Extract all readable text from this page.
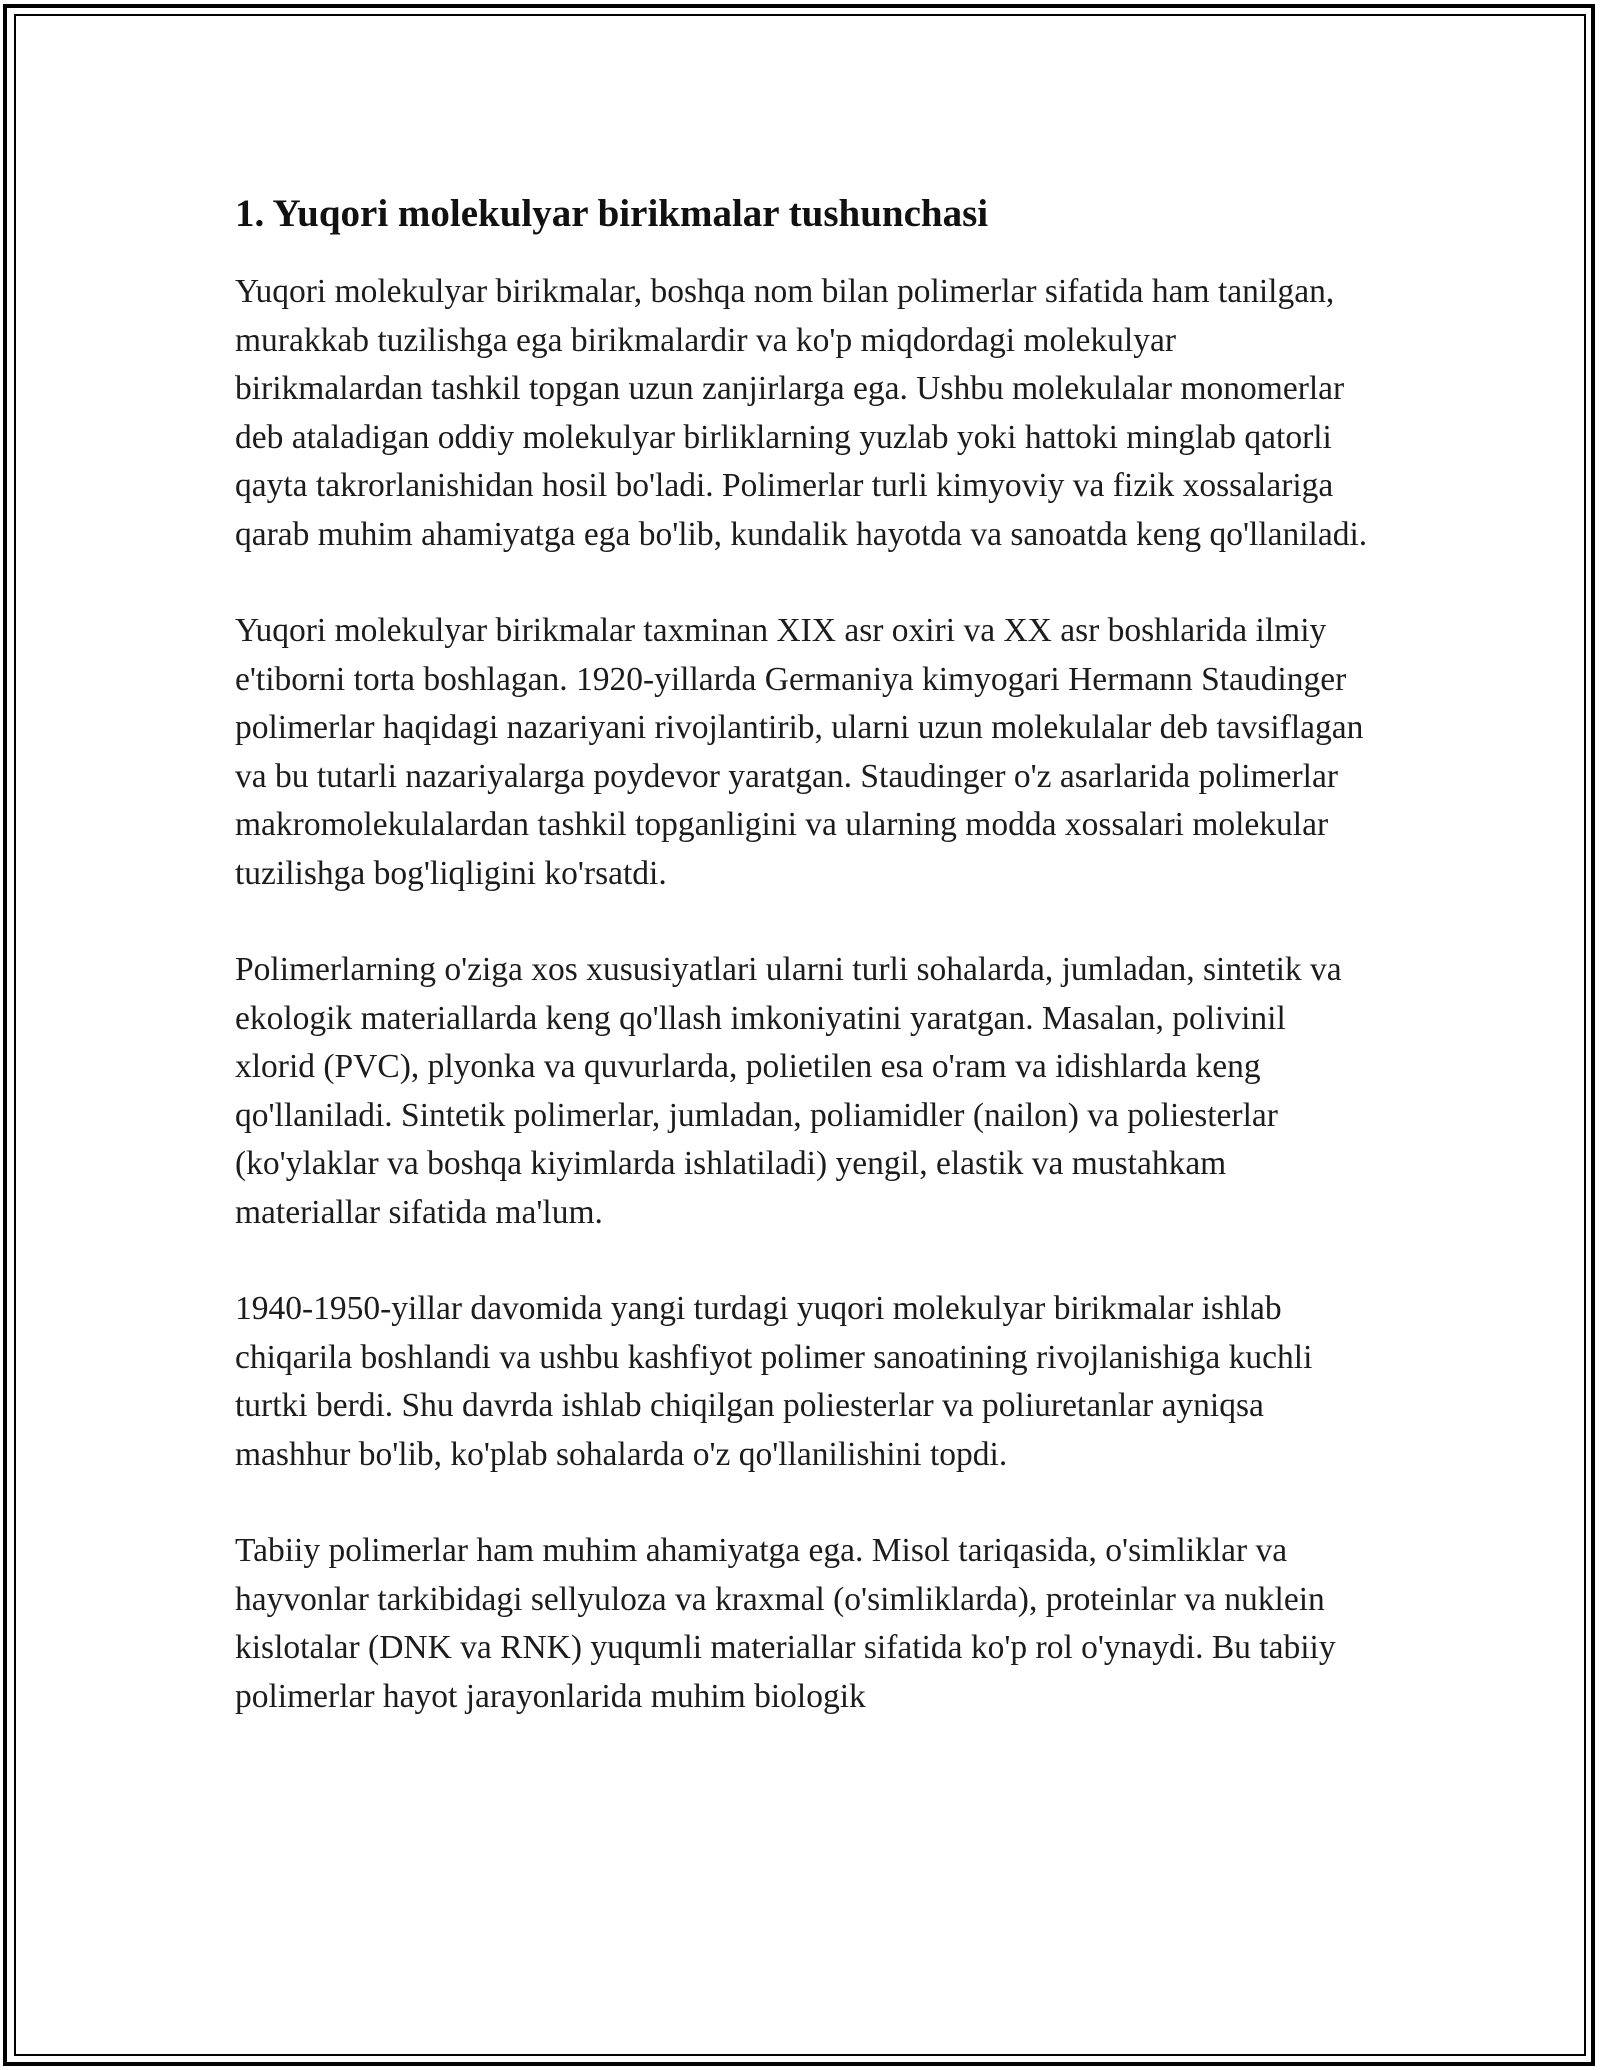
1. Yuqori molekulyar birikmalar tushunchasi

Yuqori molekulyar birikmalar, boshqa nom bilan polimerlar sifatida ham tanilgan, murakkab tuzilishga ega birikmalardir va ko'p miqdordagi molekulyar birikmalardan tashkil topgan uzun zanjirlarga ega. Ushbu molekulalar monomerlar deb ataladigan oddiy molekulyar birliklarning yuzlab yoki hattoki minglab qatorli qayta takrorlanishidan hosil bo'ladi. Polimerlar turli kimyoviy va fizik xossalariga qarab muhim ahamiyatga ega bo'lib, kundalik hayotda va sanoatda keng qo'llaniladi.

Yuqori molekulyar birikmalar taxminan XIX asr oxiri va XX asr boshlarida ilmiy e'tiborni torta boshlagan. 1920-yillarda Germaniya kimyogari Hermann Staudinger polimerlar haqidagi nazariyani rivojlantirib, ularni uzun molekulalar deb tavsiflagan va bu tutarli nazariyalarga poydevor yaratgan. Staudinger o'z asarlarida polimerlar makromolekulalardan tashkil topganligini va ularning modda xossalari molekular tuzilishga bog'liqligini ko'rsatdi.

Polimerlarning o'ziga xos xususiyatlari ularni turli sohalarda, jumladan, sintetik va ekologik materiallarda keng qo'llash imkoniyatini yaratgan. Masalan, polivinil xlorid (PVC), plyonka va quvurlarda, polietilen esa o'ram va idishlarda keng qo'llaniladi. Sintetik polimerlar, jumladan, poliamidler (nailon) va poliesterlar (ko'ylaklar va boshqa kiyimlarda ishlatiladi) yengil, elastik va mustahkam materiallar sifatida ma'lum.

1940-1950-yillar davomida yangi turdagi yuqori molekulyar birikmalar ishlab chiqarila boshlandi va ushbu kashfiyot polimer sanoatining rivojlanishiga kuchli turtki berdi. Shu davrda ishlab chiqilgan poliesterlar va poliuretanlar ayniqsa mashhur bo'lib, ko'plab sohalarda o'z qo'llanilishini topdi.

Tabiiy polimerlar ham muhim ahamiyatga ega. Misol tariqasida, o'simliklar va hayvonlar tarkibidagi sellyuloza va kraxmal (o'simliklarda), proteinlar va nuklein kislotalar (DNK va RNK) yuqumli materiallar sifatida ko'p rol o'ynaydi. Bu tabiiy polimerlar hayot jarayonlarida muhim biologik
